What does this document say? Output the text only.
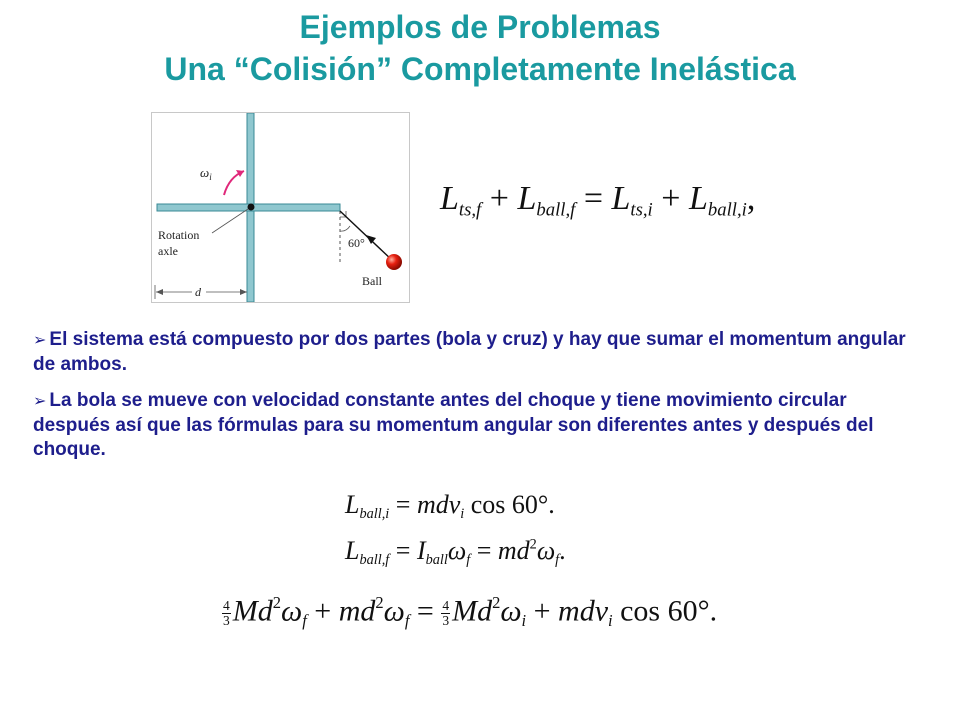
Ejemplos de Problemas
Una “Colisión” Completamente Inelástica
$\omega_i$
Rotation
axle
60°
Ball
d
$L_{ts,f} + L_{ball,f} = L_{ts,i} + L_{ball,i}$,
➢ El sistema está compuesto por dos partes (bola y cruz) y hay que sumar el momentum angular de ambos.
➢ La bola se mueve con velocidad constante antes del choque y tiene movimiento circular después así que las fórmulas para su momentum angular son diferentes antes y después del choque.
$L_{ball,i} = mdv_i$ cos 60°.
$L_{ball,f} = I_{ball}\omega_f = md^2\omega_f$.
$\frac{4}{3} Md^2\omega_f + md^2\omega_f = \frac{4}{3} Md^2\omega_i + mdv_i$ cos 60°.
